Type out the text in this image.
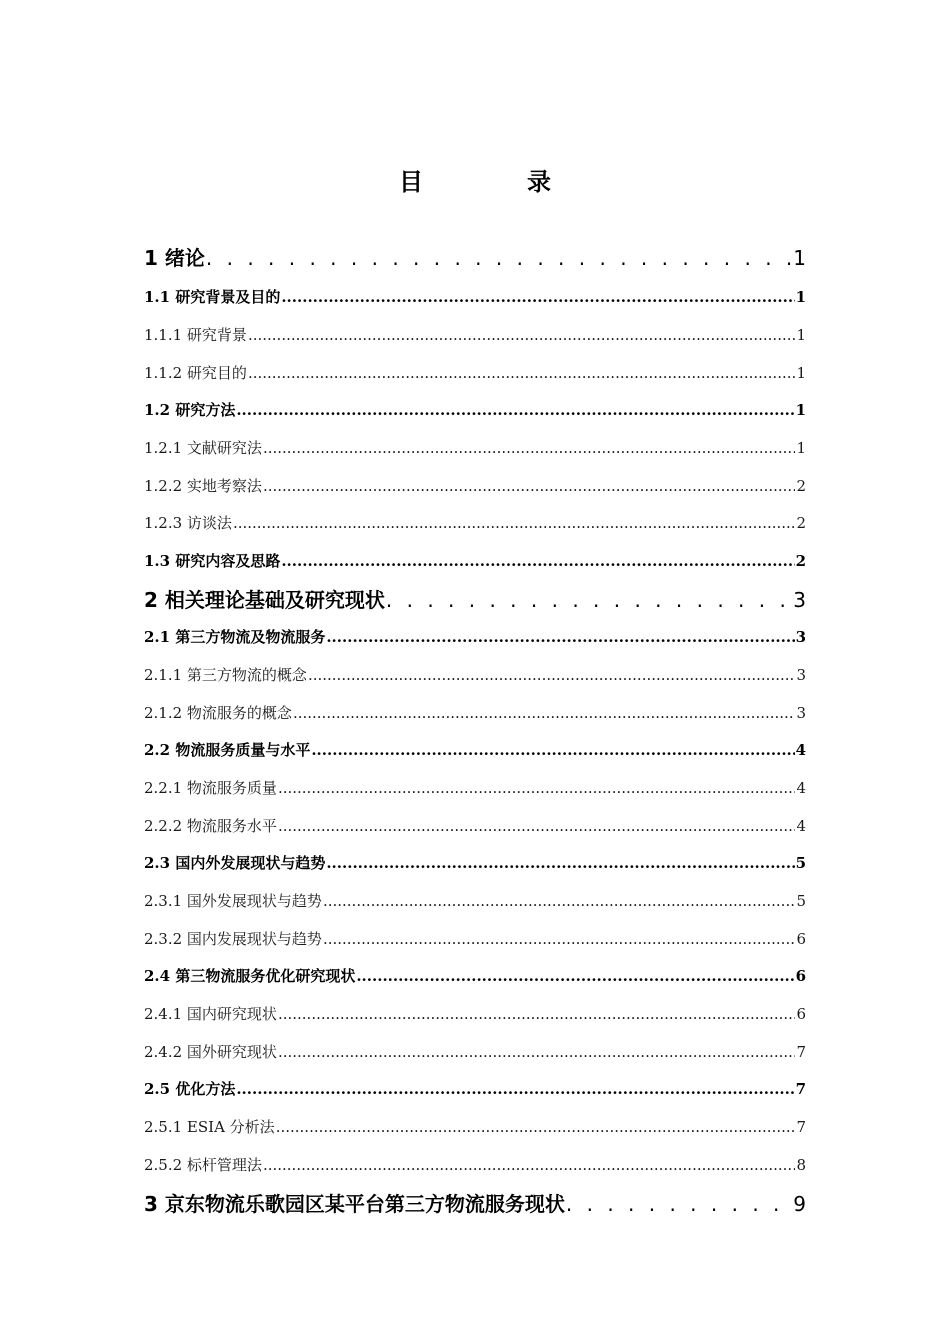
目　录
1 绪论 . . .	1
1.1 研究背景及目的 .....	1
1.1.1 研究背景 .....	1
1.1.2 研究目的 .....	1
1.2 研究方法 .....	1
1.2.1 文献研究法 .....	1
1.2.2 实地考察法 .....	2
1.2.3 访谈法 .....	2
1.3 研究内容及思路 .....	2
2 相关理论基础及研究现状 . . .	3
2.1 第三方物流及物流服务 .....	3
2.1.1 第三方物流的概念 .....	3
2.1.2 物流服务的概念 .....	3
2.2 物流服务质量与水平 .....	4
2.2.1 物流服务质量 .....	4
2.2.2 物流服务水平 .....	4
2.3 国内外发展现状与趋势 .....	5
2.3.1 国外发展现状与趋势 .....	5
2.3.2 国内发展现状与趋势 .....	6
2.4 第三物流服务优化研究现状 .....	6
2.4.1 国内研究现状 .....	6
2.4.2 国外研究现状 .....	7
2.5 优化方法 .....	7
2.5.1 ESIA 分析法 .....	7
2.5.2 标杆管理法 .....	8
3 京东物流乐歌园区某平台第三方物流服务现状 . . .	9
